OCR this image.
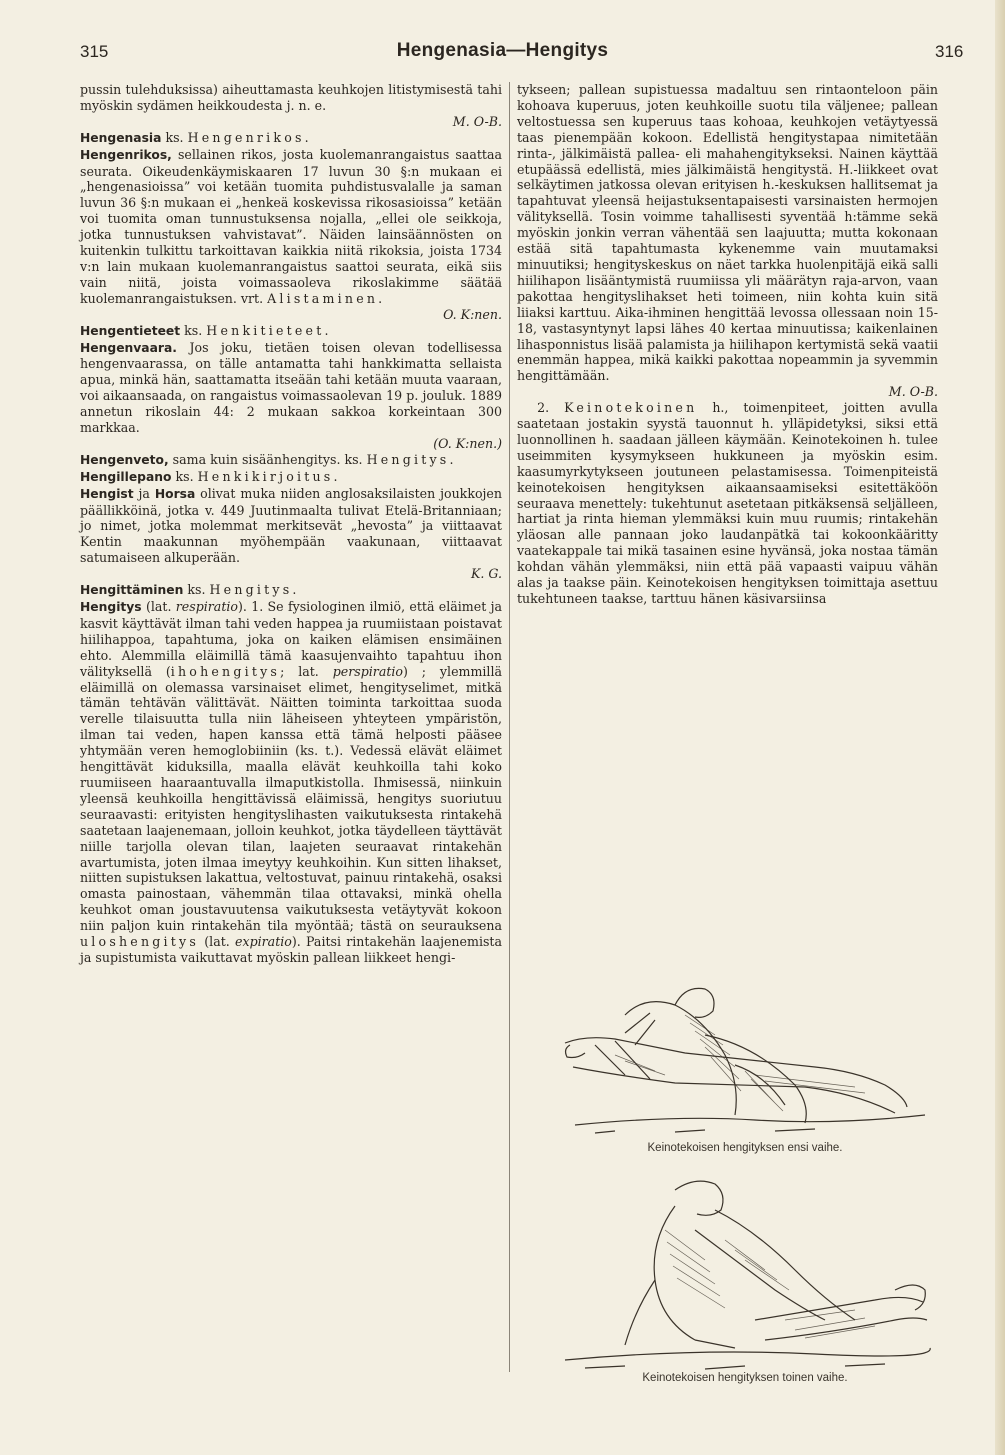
315	Hengenasia—Hengitys	316

pussin tulehduksissa) aiheuttamasta keuhkojen litistymisestä tahi myöskin sydämen heikkoudesta j. n. e.

M. O-B.

Hengenasia ks. Hengenrikos.

Hengenrikos, sellainen rikos, josta kuolemanrangaistus saattaa seurata. Oikeudenkäymiskaaren 17 luvun 30 §:n mukaan ei „hengenasioissa” voi ketään tuomita puhdistusvalalle ja saman luvun 36 §:n mukaan ei „henkeä koskevissa rikosasioissa” ketään voi tuomita oman tunnustuksensa nojalla, „ellei ole seikkoja, jotka tunnustuksen vahvistavat”. Näiden lainsäännösten on kuitenkin tulkittu tarkoittavan kaikkia niitä rikoksia, joista 1734 v:n lain mukaan kuolemanrangaistus saattoi seurata, eikä siis vain niitä, joista voimassaoleva rikoslakimme säätää kuolemanrangaistuksen. vrt. Alistaminen.

O. K:nen.

Hengentieteet ks. Henkitieteet.

Hengenvaara. Jos joku, tietäen toisen olevan todellisessa hengenvaarassa, on tälle antamatta tahi hankkimatta sellaista apua, minkä hän, saattamatta itseään tahi ketään muuta vaaraan, voi aikaansaada, on rangaistus voimassaolevan 19 p. jouluk. 1889 annetun rikoslain 44: 2 mukaan sakkoa korkeintaan 300 markkaa.

(O. K:nen.)

Hengenveto, sama kuin sisäänhengitys. ks. Hengitys.

Hengillepano ks. Henkikirjoitus.

Hengist ja Horsa olivat muka niiden anglosaksilaisten joukkojen päällikköinä, jotka v. 449 Juutinmaalta tulivat Etelä-Britanniaan; jo nimet, jotka molemmat merkitsevät „hevosta” ja viittaavat Kentin maakunnan myöhempään vaakunaan, viittaavat satumaiseen alkuperään.

K. G.

Hengittäminen ks. Hengitys.

Hengitys (lat. respiratio). 1. Se fysiologinen ilmiö, että eläimet ja kasvit käyttävät ilman tahi veden happea ja ruumiistaan poistavat hiilihappoa, tapahtuma, joka on kaiken elämisen ensimäinen ehto. Alemmilla eläimillä tämä kaasujenvaihto tapahtuu ihon välityksellä (ihohengitys; lat. perspiratio) ; ylemmillä eläimillä on olemassa varsinaiset elimet, hengityselimet, mitkä tämän tehtävän välittävät. Näitten toiminta tarkoittaa suoda verelle tilaisuutta tulla niin läheiseen yhteyteen ympäristön, ilman tai veden, hapen kanssa että tämä helposti pääsee yhtymään veren hemoglobiiniin (ks. t.). Vedessä elävät eläimet hengittävät kiduksilla, maalla elävät keuhkoilla tahi koko ruumiiseen haaraantuvalla ilmaputkistolla. Ihmisessä, niinkuin yleensä keuhkoilla hengittävissä eläimissä, hengitys suoriutuu seuraavasti: erityisten hengityslihasten vaikutuksesta rintakehä saatetaan laajenemaan, jolloin keuhkot, jotka täydelleen täyttävät niille tarjolla olevan tilan, laajeten seuraavat rintakehän avartumista, joten ilmaa imeytyy keuhkoihin. Kun sitten lihakset, niitten supistuksen lakattua, veltostuvat, painuu rintakehä, osaksi omasta painostaan, vähemmän tilaa ottavaksi, minkä ohella keuhkot oman joustavuutensa vaikutuksesta vetäytyvät kokoon niin paljon kuin rintakehän tila myöntää; tästä on seurauksena uloshengitys (lat. expiratio). Paitsi rintakehän laajenemista ja supistumista vaikuttavat myöskin pallean liikkeet hengi-

tykseen; pallean supistuessa madaltuu sen rintaonteloon päin kohoava kuperuus, joten keuhkoille suotu tila väljenee; pallean veltostuessa sen kuperuus taas kohoaa, keuhkojen vetäytyessä taas pienempään kokoon. Edellistä hengitystapaa nimitetään rinta-, jälkimäistä pallea- eli mahahengitykseksi. Nainen käyttää etupäässä edellistä, mies jälkimäistä hengitystä. H.-liikkeet ovat selkäytimen jatkossa olevan erityisen h.-keskuksen hallitsemat ja tapahtuvat yleensä heijastuksentapaisesti varsinaisten hermojen välityksellä. Tosin voimme tahallisesti syventää h:tämme sekä myöskin jonkin verran vähentää sen laajuutta; mutta kokonaan estää sitä tapahtumasta kykenemme vain muutamaksi minuutiksi; hengityskeskus on näet tarkka huolenpitäjä eikä salli hiilihapon lisääntymistä ruumiissa yli määrätyn raja-arvon, vaan pakottaa hengityslihakset heti toimeen, niin kohta kuin sitä liiaksi karttuu. Aika-ihminen hengittää levossa ollessaan noin 15-18, vastasyntynyt lapsi lähes 40 kertaa minuutissa; kaikenlainen lihasponnistus lisää palamista ja hiilihapon kertymistä sekä vaatii enemmän happea, mikä kaikki pakottaa nopeammin ja syvemmin hengittämään.

M. O-B.

2. Keinotekoinen h., toimenpiteet, joitten avulla saatetaan jostakin syystä tauonnut h. ylläpidetyksi, siksi että luonnollinen h. saadaan jälleen käymään. Keinotekoinen h. tulee useimmiten kysymykseen hukkuneen ja myöskin esim. kaasumyrkytykseen joutuneen pelastamisessa. Toimenpiteistä keinotekoisen hengityksen aikaansaamiseksi esitettäköön seuraava menettely: tukehtunut asetetaan pitkäksensä seljälleen, hartiat ja rinta hieman ylemmäksi kuin muu ruumis; rintakehän yläosan alle pannaan joko laudanpätkä tai kokoonkääritty vaatekappale tai mikä tasainen esine hyvänsä, joka nostaa tämän kohdan vähän ylemmäksi, niin että pää vapaasti vaipuu vähän alas ja taakse päin. Keinotekoisen hengityksen toimittaja asettuu tukehtuneen taakse, tarttuu hänen käsivarsiinsa

Keinotekoisen hengityksen ensi vaihe.
Keinotekoisen hengityksen toinen vaihe.
